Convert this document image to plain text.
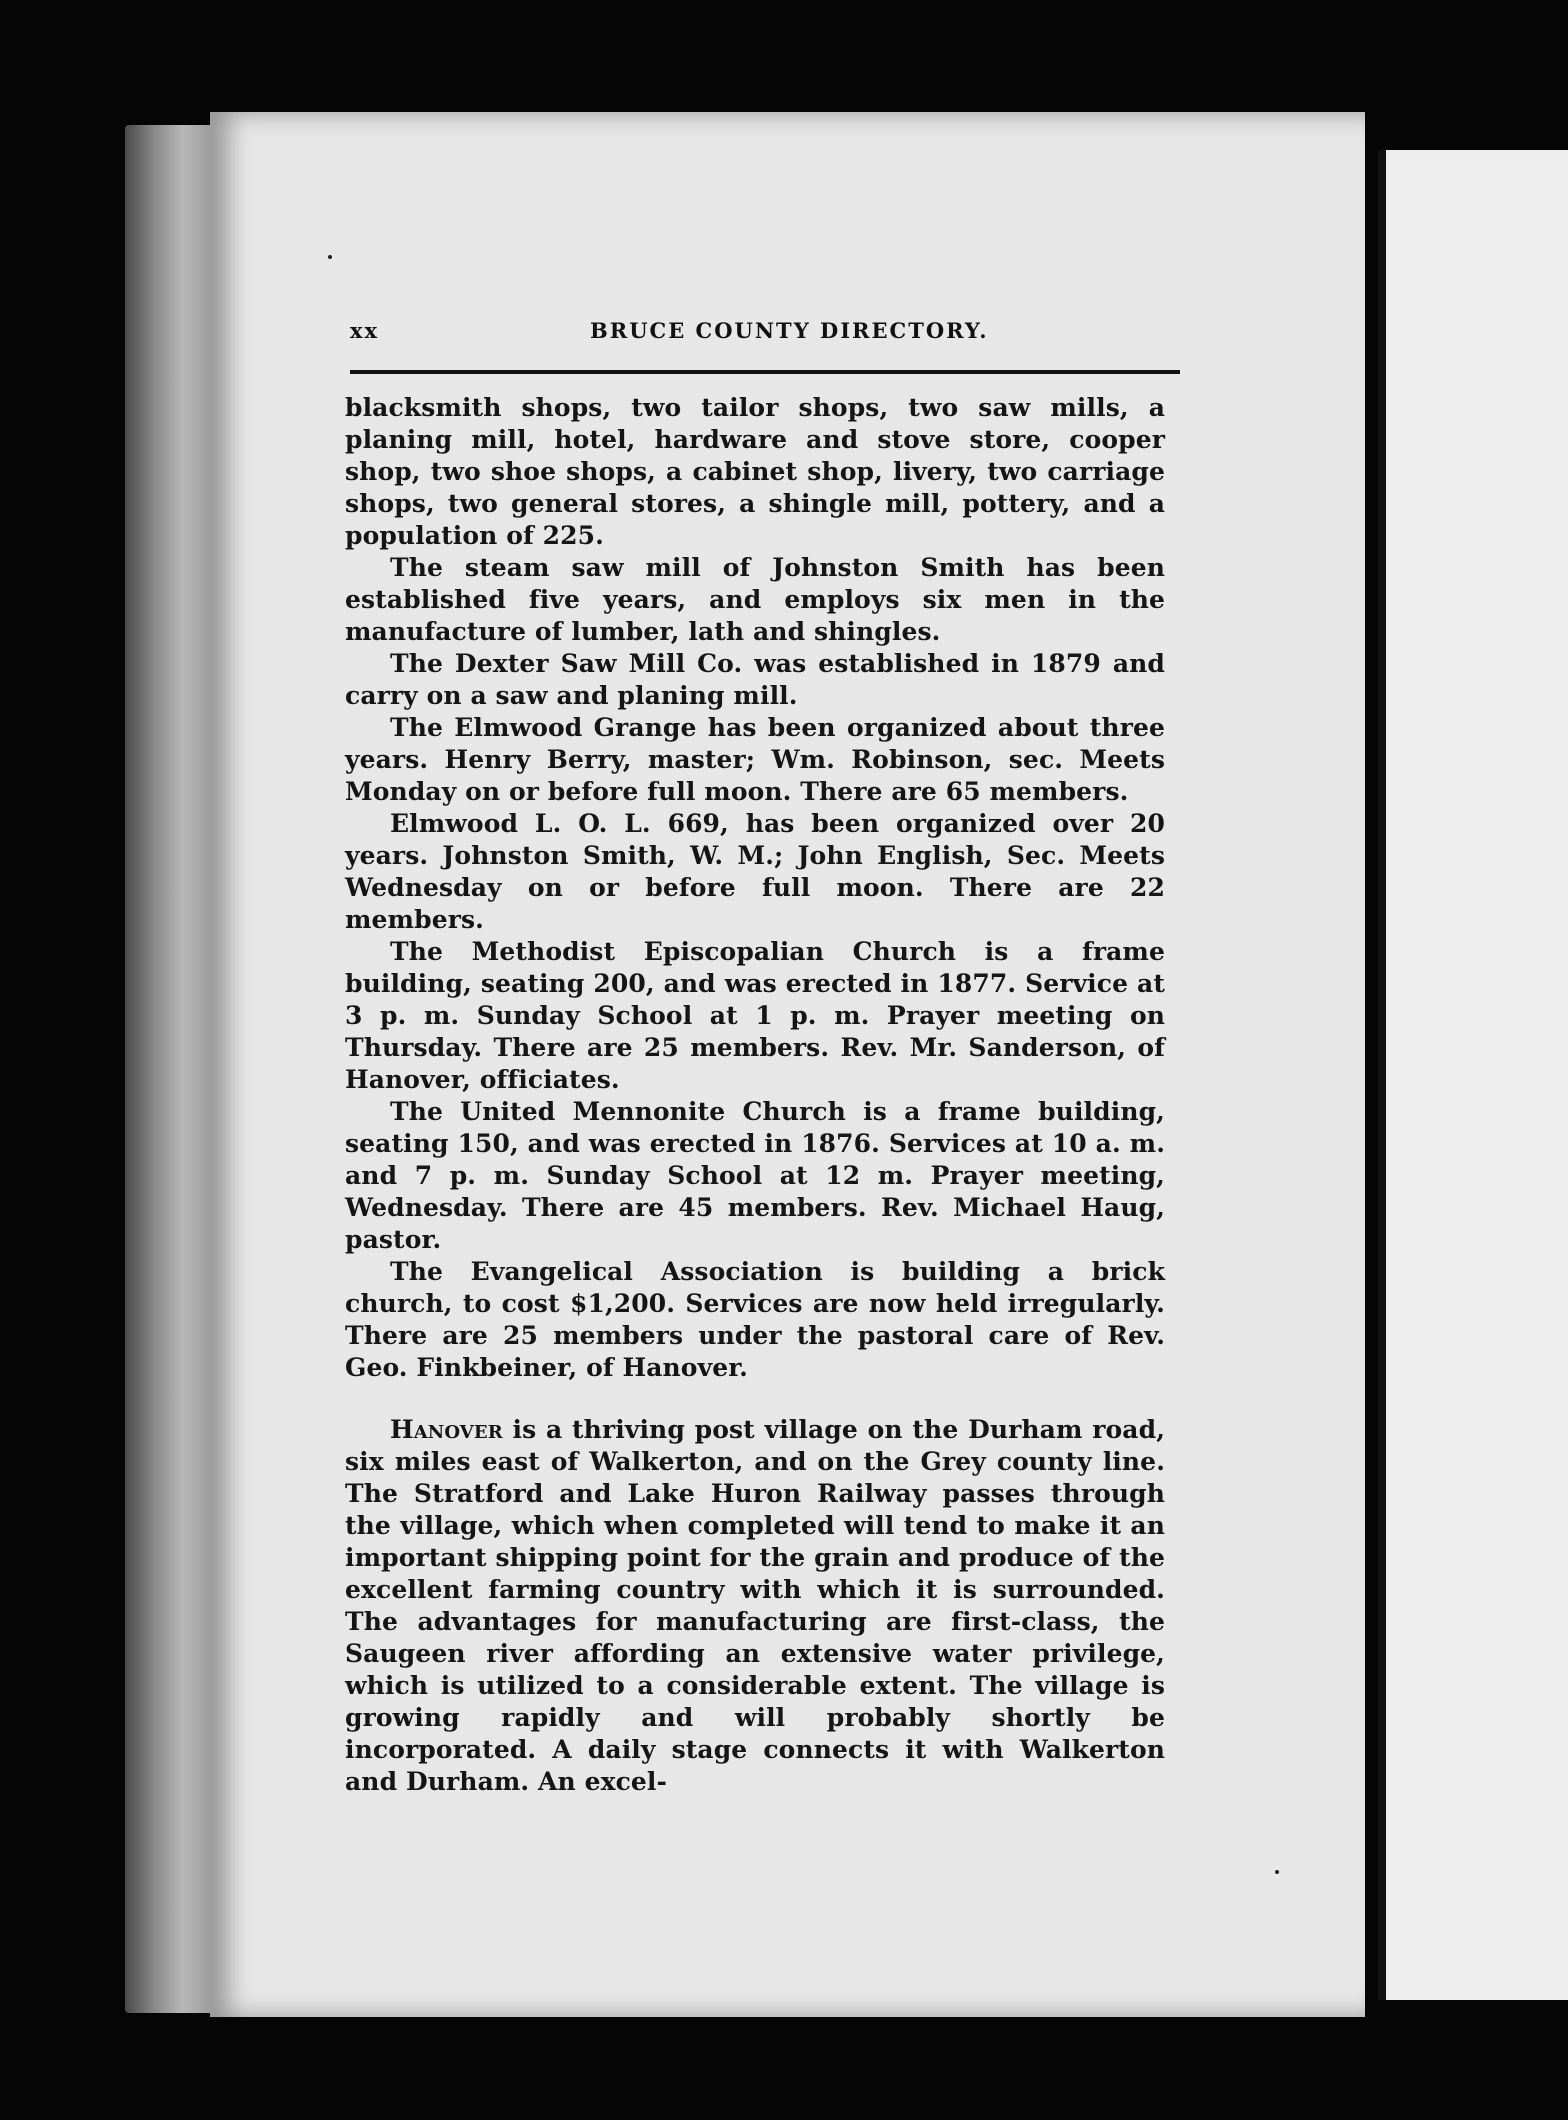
xx	BRUCE COUNTY DIRECTORY.

blacksmith shops, two tailor shops, two saw mills, a planing mill, hotel, hardware and stove store, cooper shop, two shoe shops, a cabinet shop, livery, two carriage shops, two general stores, a shingle mill, pottery, and a population of 225.

The steam saw mill of Johnston Smith has been established five years, and employs six men in the manufacture of lumber, lath and shingles.

The Dexter Saw Mill Co. was established in 1879 and carry on a saw and planing mill.

The Elmwood Grange has been organized about three years. Henry Berry, master; Wm. Robinson, sec. Meets Monday on or before full moon. There are 65 members.

Elmwood L. O. L. 669, has been organized over 20 years. Johnston Smith, W. M.; John English, Sec. Meets Wednesday on or before full moon. There are 22 members.

The Methodist Episcopalian Church is a frame building, seating 200, and was erected in 1877. Service at 3 p. m. Sunday School at 1 p. m. Prayer meeting on Thursday. There are 25 members. Rev. Mr. Sanderson, of Hanover, officiates.

The United Mennonite Church is a frame building, seating 150, and was erected in 1876. Services at 10 a. m. and 7 p. m. Sunday School at 12 m. Prayer meeting, Wednesday. There are 45 members. Rev. Michael Haug, pastor.

The Evangelical Association is building a brick church, to cost $1,200. Services are now held irregularly. There are 25 members under the pastoral care of Rev. Geo. Finkbeiner, of Hanover.

Hanover is a thriving post village on the Durham road, six miles east of Walkerton, and on the Grey county line. The Stratford and Lake Huron Railway passes through the village, which when completed will tend to make it an important shipping point for the grain and produce of the excellent farming country with which it is surrounded. The advantages for manufacturing are first-class, the Saugeen river affording an extensive water privilege, which is utilized to a considerable extent. The village is growing rapidly and will probably shortly be incorporated. A daily stage connects it with Walkerton and Durham. An excel-
